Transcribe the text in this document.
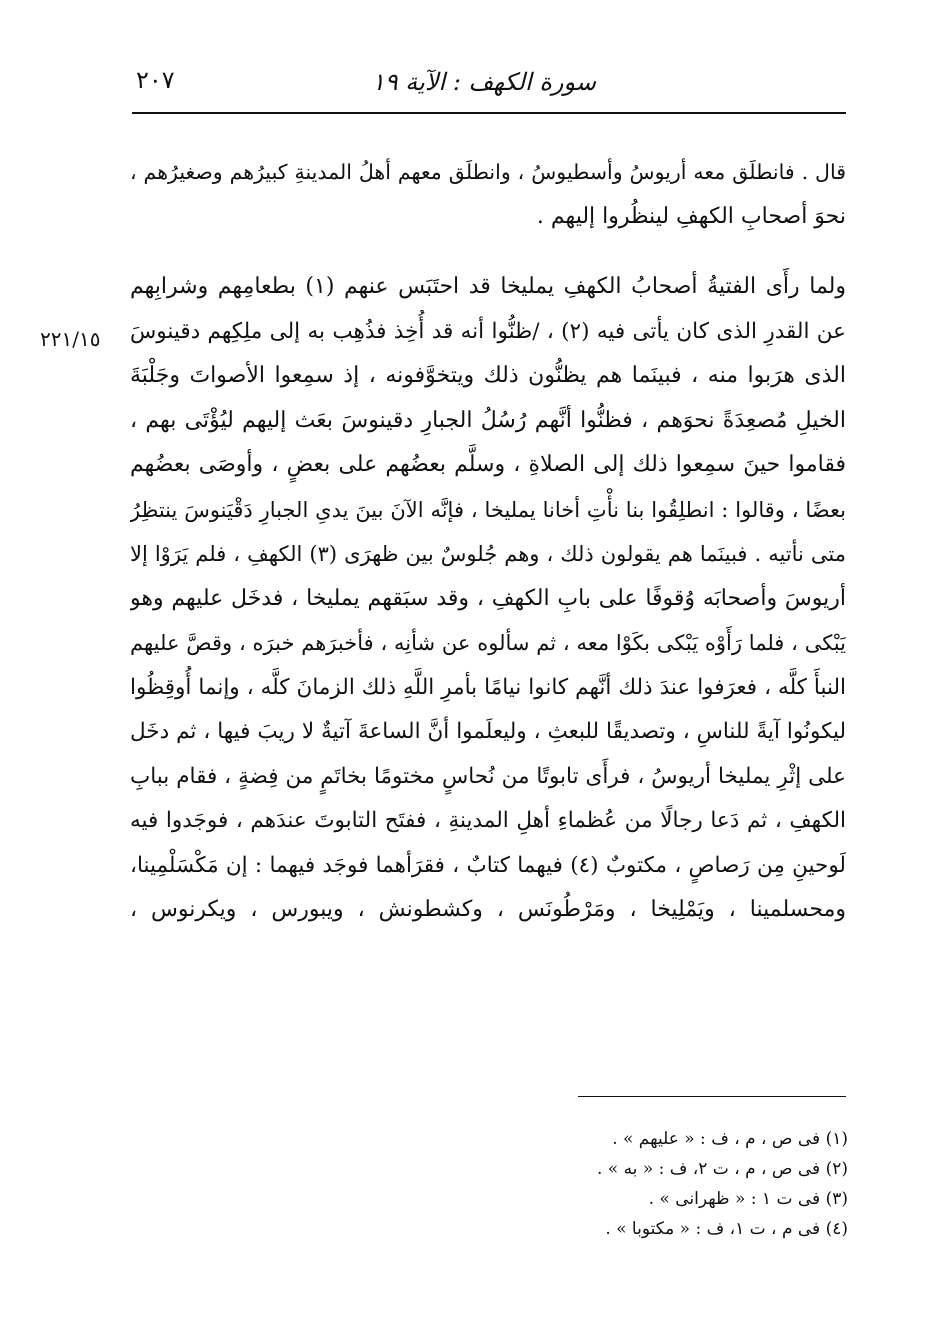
سورة الكهف : الآية ١٩
٢٠٧
٢٢١/١٥
قال . فانطلَق معه أريوسُ وأسطيوسُ ، وانطلَق معهم أهلُ المدينةِ كبيرُهم وصغيرُهم ،
نحوَ أصحابِ الكهفِ لينظُروا إليهم .
ولما رأَى الفتيةُ أصحابُ الكهفِ يمليخا قد احتَبَس عنهم (١) بطعامِهم وشرابِهم
عن القدرِ الذى كان يأتى فيه (٢) ، /ظنُّوا أنه قد أُخِذ فذُهِب به إلى ملِكِهم دقينوسَ
الذى هرَبوا منه ، فبينَما هم يظنُّون ذلك ويتخوَّفونه ، إذ سمِعوا الأصواتَ وجَلْبَةَ
الخيلِ مُصعِدَةً نحوَهم ، فظنُّوا أنَّهم رُسُلُ الجبارِ دقينوسَ بعَث إليهم ليُؤْتَى بهم ،
فقاموا حينَ سمِعوا ذلك إلى الصلاةِ ، وسلَّم بعضُهم على بعضٍ ، وأوصَى بعضُهم
بعضًا ، وقالوا : انطلِقُوا بنا نأْتِ أخانا يمليخا ، فإنَّه الآنَ بينَ يدىِ الجبارِ دَقْيَنوسَ ينتظِرُ
متى نأتيه . فبينَما هم يقولون ذلك ، وهم جُلوسٌ بين ظهرَى (٣) الكهفِ ، فلم يَرَوْا إلا
أريوسَ وأصحابَه وُقوفًا على بابِ الكهفِ ، وقد سبَقهم يمليخا ، فدخَل عليهم وهو
يَبْكى ، فلما رَأَوْه يَبْكى بكَوْا معه ، ثم سألوه عن شأنِه ، فأخبرَهم خبرَه ، وقصَّ عليهم
النبأَ كلَّه ، فعرَفوا عندَ ذلك أنَّهم كانوا نيامًا بأمرِ اللَّهِ ذلك الزمانَ كلَّه ، وإنما أُوقِظُوا
ليكونُوا آيةً للناسِ ، وتصديقًا للبعثِ ، وليعلَموا أنَّ الساعةَ آتيةٌ لا ريبَ فيها ، ثم دخَل
على إثْرِ يمليخا أريوسُ ، فرأَى تابوتًا من نُحاسٍ مختومًا بخاتَمٍ من فِضةٍ ، فقام ببابِ
الكهفِ ، ثم دَعا رجالًا من عُظماءِ أهلِ المدينةِ ، ففتَح التابوتَ عندَهم ، فوجَدوا فيه
لَوحينِ مِن رَصاصٍ ، مكتوبٌ (٤) فيهما كتابٌ ، فقرَأهما فوجَد فيهما : إن مَكْسَلْمِينا،
ومحسلمينا ، ويَمْلِيخا ، ومَرْطُونَس ، وكشطونش ، ويبورس ، ويكرنوس ،
(١) فى ص ، م ، ف : « عليهم » .
(٢) فى ص ، م ، ت ٢، ف : « به » .
(٣) فى ت ١ : « ظهرانى » .
(٤) فى م ، ت ١، ف : « مكتوبا » .
